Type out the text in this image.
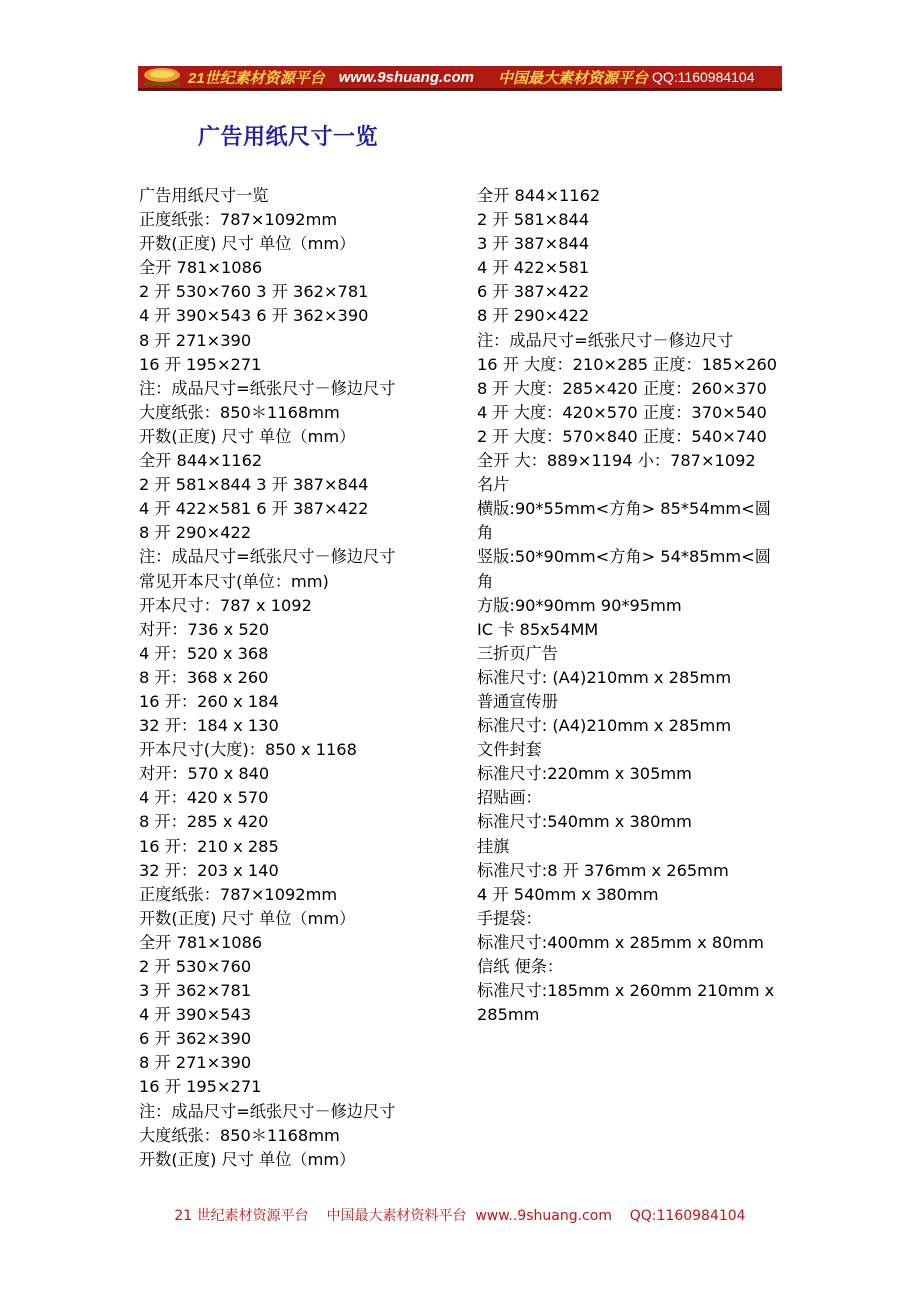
21世纪素材资源平台 www.9shuang.com 中国最大素材资源平台 QQ:1160984104
广告用纸尺寸一览
广告用纸尺寸一览
正度纸张：787×1092mm
开数(正度) 尺寸 单位（mm）
全开 781×1086
2 开 530×760 3 开 362×781
4 开 390×543 6 开 362×390
8 开 271×390
16 开 195×271
注：成品尺寸=纸张尺寸－修边尺寸
大度纸张：850＊1168mm
开数(正度) 尺寸 单位（mm）
全开 844×1162
2 开 581×844 3 开 387×844
4 开 422×581 6 开 387×422
8 开 290×422
注：成品尺寸=纸张尺寸－修边尺寸
常见开本尺寸(单位：mm)
开本尺寸：787 x 1092
对开：736 x 520
4 开：520 x 368
8 开：368 x 260
16 开：260 x 184
32 开：184 x 130
开本尺寸(大度)：850 x 1168
对开：570 x 840
4 开：420 x 570
8 开：285 x 420
16 开：210 x 285
32 开：203 x 140
正度纸张：787×1092mm
开数(正度) 尺寸 单位（mm）
全开 781×1086
2 开 530×760
3 开 362×781
4 开 390×543
6 开 362×390
8 开 271×390
16 开 195×271
注：成品尺寸=纸张尺寸－修边尺寸
大度纸张：850＊1168mm
开数(正度) 尺寸 单位（mm）
全开 844×1162
2 开 581×844
3 开 387×844
4 开 422×581
6 开 387×422
8 开 290×422
注：成品尺寸=纸张尺寸－修边尺寸
16 开 大度：210×285 正度：185×260
8 开 大度：285×420 正度：260×370
4 开 大度：420×570 正度：370×540
2 开 大度：570×840 正度：540×740
全开 大：889×1194 小：787×1092
名片
横版:90*55mm<方角> 85*54mm<圆角
竖版:50*90mm<方角> 54*85mm<圆角
方版:90*90mm 90*95mm
IC 卡 85x54MM
三折页广告
标准尺寸: (A4)210mm x 285mm
普通宣传册
标准尺寸: (A4)210mm x 285mm
文件封套
标准尺寸:220mm x 305mm
招贴画：
标准尺寸:540mm x 380mm
挂旗
标准尺寸:8 开 376mm x 265mm
4 开 540mm x 380mm
手提袋：
标准尺寸:400mm x 285mm x 80mm
信纸 便条：
标准尺寸:185mm x 260mm 210mm x 285mm
21 世纪素材资源平台    中国最大素材资料平台  www..9shuang.com    QQ:1160984104
